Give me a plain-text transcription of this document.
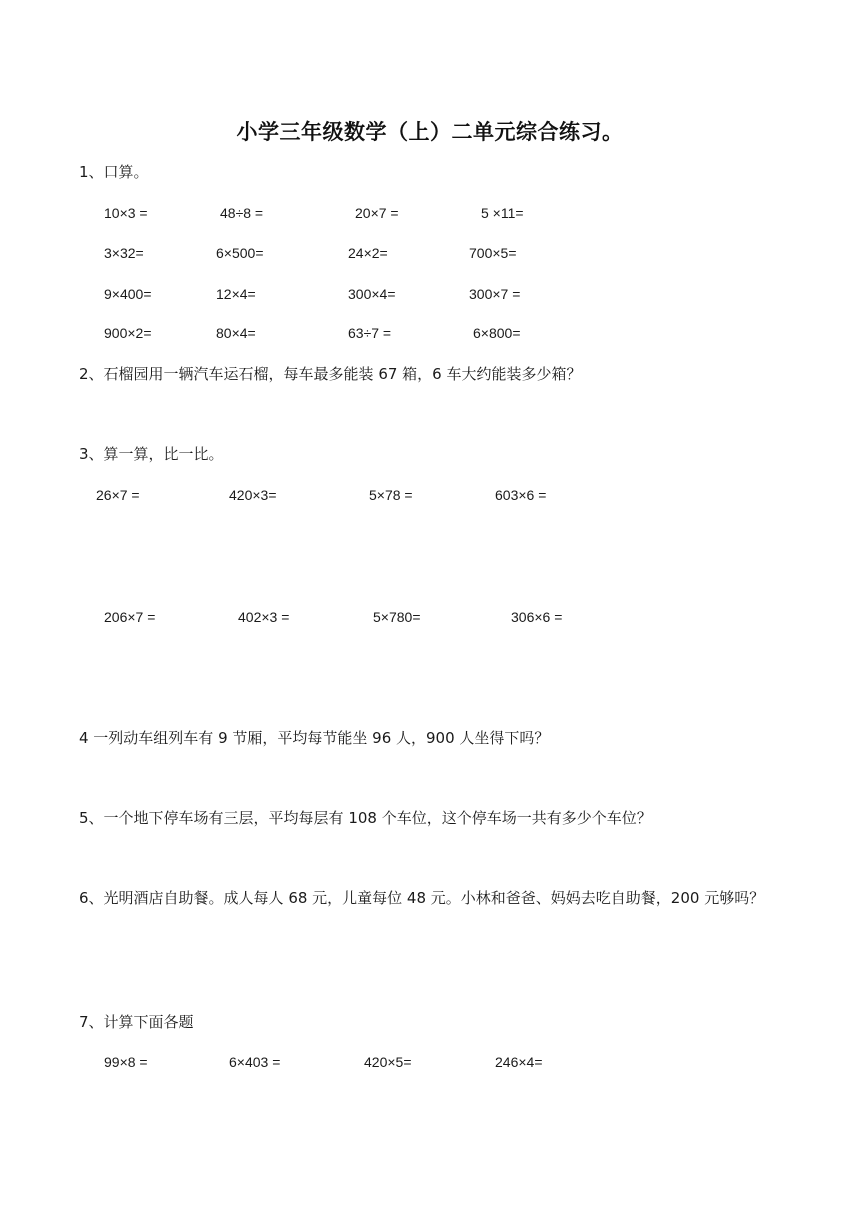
小学三年级数学（上）二单元综合练习。
1、口算。
10×3 =	48÷8 =	20×7 =	5 ×11=
3×32=	6×500=	24×2=	700×5=
9×400=	12×4=	300×4=	300×7 =
900×2=	80×4=	63÷7 =	6×800=
2、石榴园用一辆汽车运石榴，每车最多能装 67 箱，6 车大约能装多少箱？
3、算一算，比一比。
26×7 =	420×3=	5×78 =	603×6 =
206×7 =	402×3 =	5×780=	306×6 =
4 一列动车组列车有 9 节厢，平均每节能坐 96 人，900 人坐得下吗？
5、一个地下停车场有三层，平均每层有 108 个车位，这个停车场一共有多少个车位？
6、光明酒店自助餐。成人每人 68 元，儿童每位 48 元。小林和爸爸、妈妈去吃自助餐，200 元够吗？
7、计算下面各题
99×8 =	6×403 =	420×5=	246×4=
